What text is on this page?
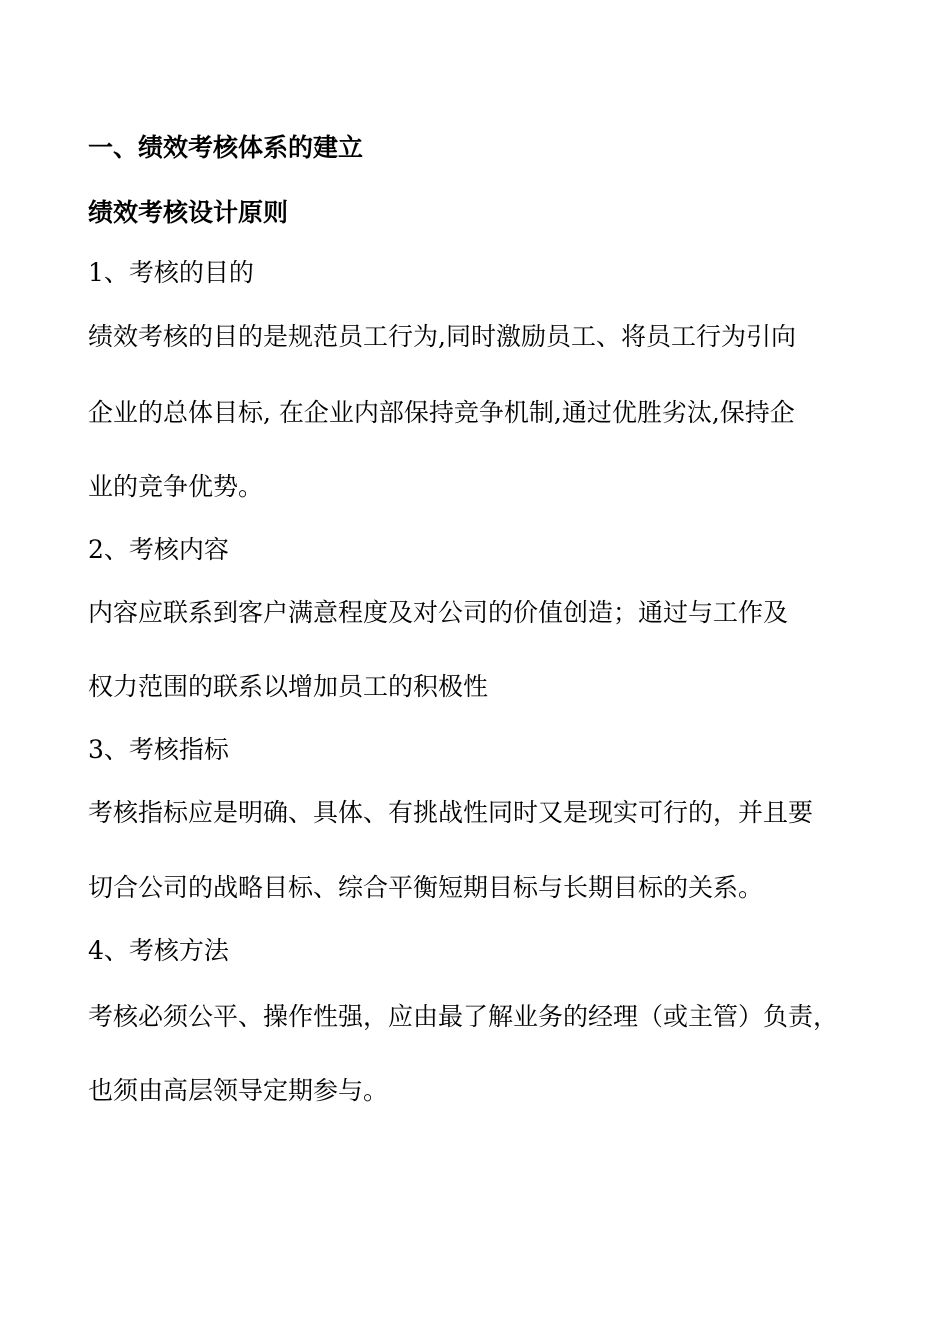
一、绩效考核体系的建立
绩效考核设计原则
1、考核的目的
绩效考核的目的是规范员工行为,同时激励员工、将员工行为引向
企业的总体目标, 在企业内部保持竞争机制,通过优胜劣汰,保持企
业的竞争优势。
2、考核内容
内容应联系到客户满意程度及对公司的价值创造；通过与工作及
权力范围的联系以增加员工的积极性
3、考核指标
考核指标应是明确、具体、有挑战性同时又是现实可行的，并且要
切合公司的战略目标、综合平衡短期目标与长期目标的关系。
4、考核方法
考核必须公平、操作性强，应由最了解业务的经理（或主管）负责，
也须由高层领导定期参与。
